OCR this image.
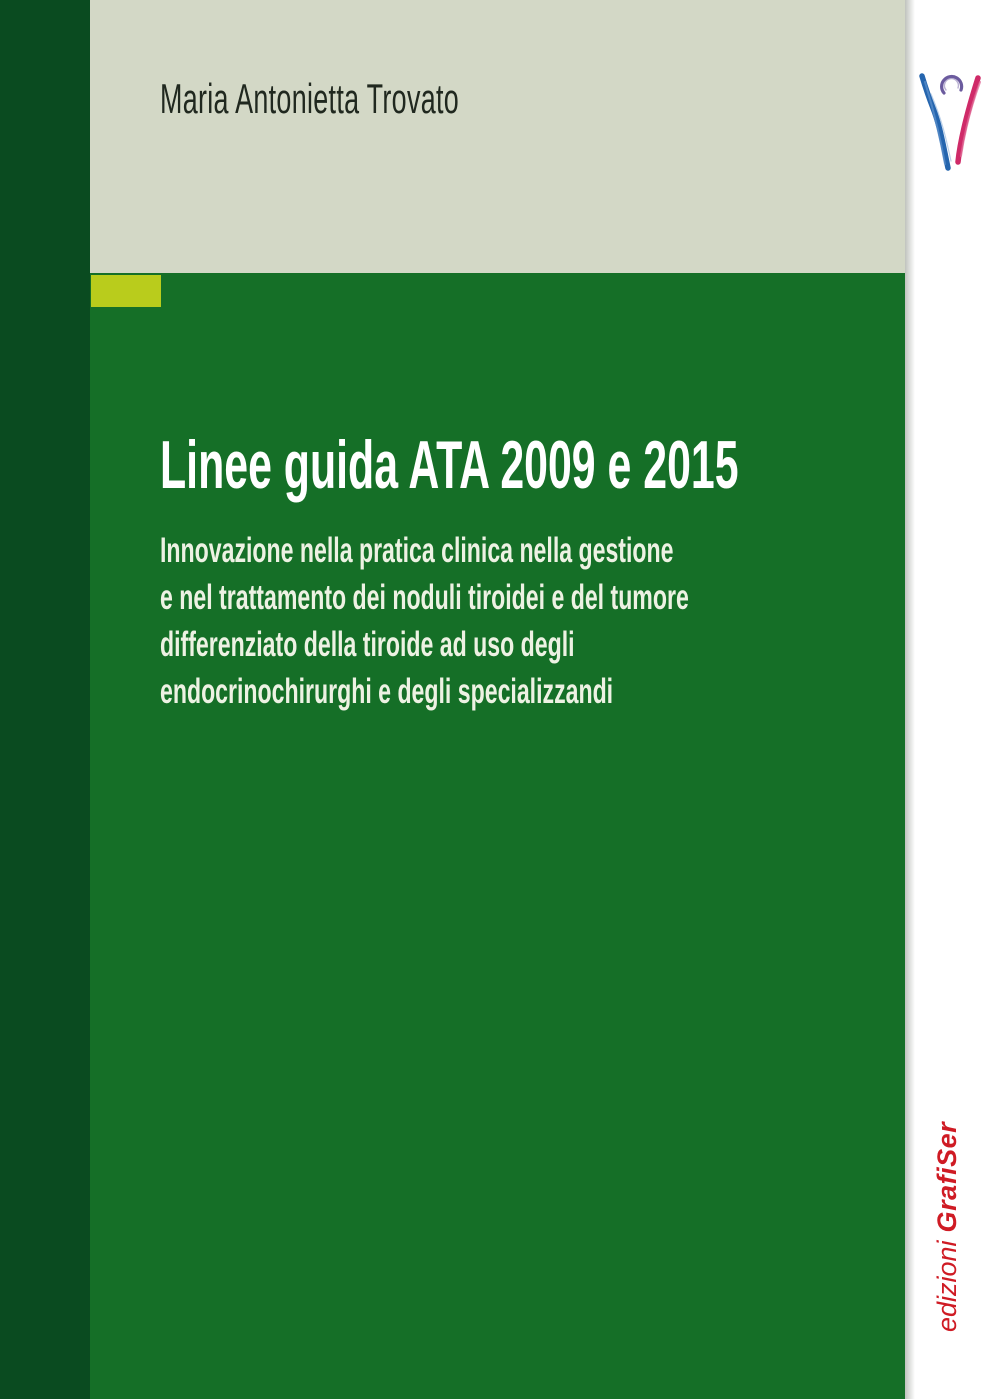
Maria Antonietta Trovato
Linee guida ATA 2009 e 2015
Innovazione nella pratica clinica nella gestione
e nel trattamento dei noduli tiroidei e del tumore
differenziato della tiroide ad uso degli
endocrinochirurghi e degli specializzandi
edizioniGrafiSer
